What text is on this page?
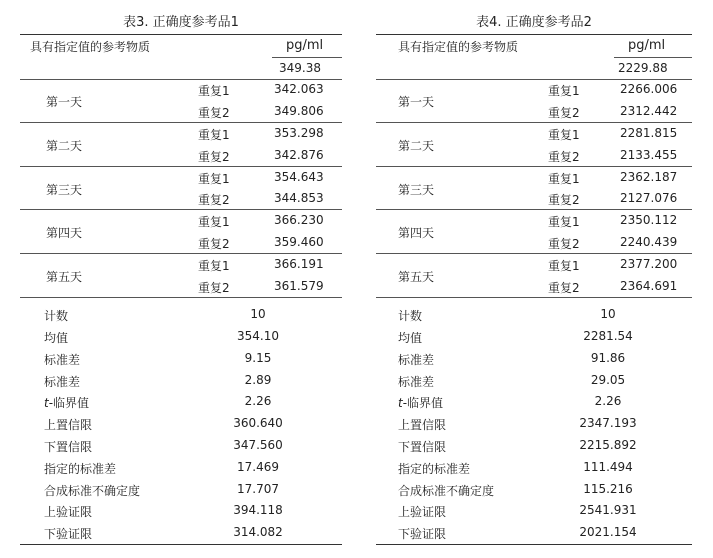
表3. 正确度参考品1
具有指定值的参考物质	pg/ml
349.38
第一天
重复1	342.063
重复2	349.806
第二天
重复1	353.298
重复2	342.876
第三天
重复1	354.643
重复2	344.853
第四天
重复1	366.230
重复2	359.460
第五天
重复1	366.191
重复2	361.579
计数	10
均值	354.10
标准差	9.15
标准差	2.89
t-临界值	2.26
上置信限	360.640
下置信限	347.560
指定的标准差	17.469
合成标准不确定度	17.707
上验证限	394.118
下验证限	314.082
表4. 正确度参考品2
具有指定值的参考物质	pg/ml
2229.88
第一天
重复1	2266.006
重复2	2312.442
第二天
重复1	2281.815
重复2	2133.455
第三天
重复1	2362.187
重复2	2127.076
第四天
重复1	2350.112
重复2	2240.439
第五天
重复1	2377.200
重复2	2364.691
计数	10
均值	2281.54
标准差	91.86
标准差	29.05
t-临界值	2.26
上置信限	2347.193
下置信限	2215.892
指定的标准差	111.494
合成标准不确定度	115.216
上验证限	2541.931
下验证限	2021.154
